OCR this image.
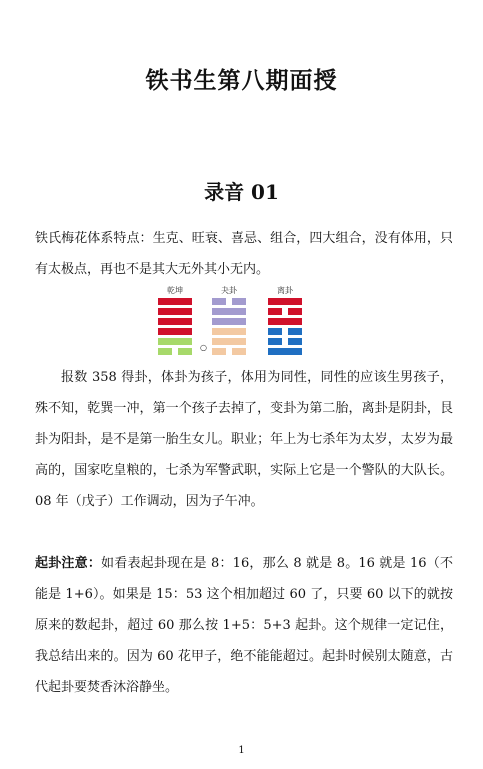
铁书生第八期面授
录音 01

铁氏梅花体系特点：生克、旺衰、喜忌、组合，四大组合，没有体用，只有太极点，再也不是其大无外其小无内。

乾坤	夬卦	离卦
○

报数 358 得卦，体卦为孩子，体用为同性，同性的应该生男孩子，殊不知，乾巽一冲，第一个孩子去掉了，变卦为第二胎，离卦是阴卦，艮卦为阳卦，是不是第一胎生女儿。职业；年上为七杀年为太岁，太岁为最高的，国家吃皇粮的，七杀为军警武职，实际上它是一个警队的大队长。08 年（戊子）工作调动，因为子午冲。

起卦注意：如看表起卦现在是 8：16，那么 8 就是 8。16 就是 16（不能是 1+6）。如果是 15：53 这个相加超过 60 了，只要 60 以下的就按原来的数起卦，超过 60 那么按 1+5：5+3 起卦。这个规律一定记住，我总结出来的。因为 60 花甲子，绝不能能超过。起卦时候别太随意，古代起卦要焚香沐浴静坐。

1
